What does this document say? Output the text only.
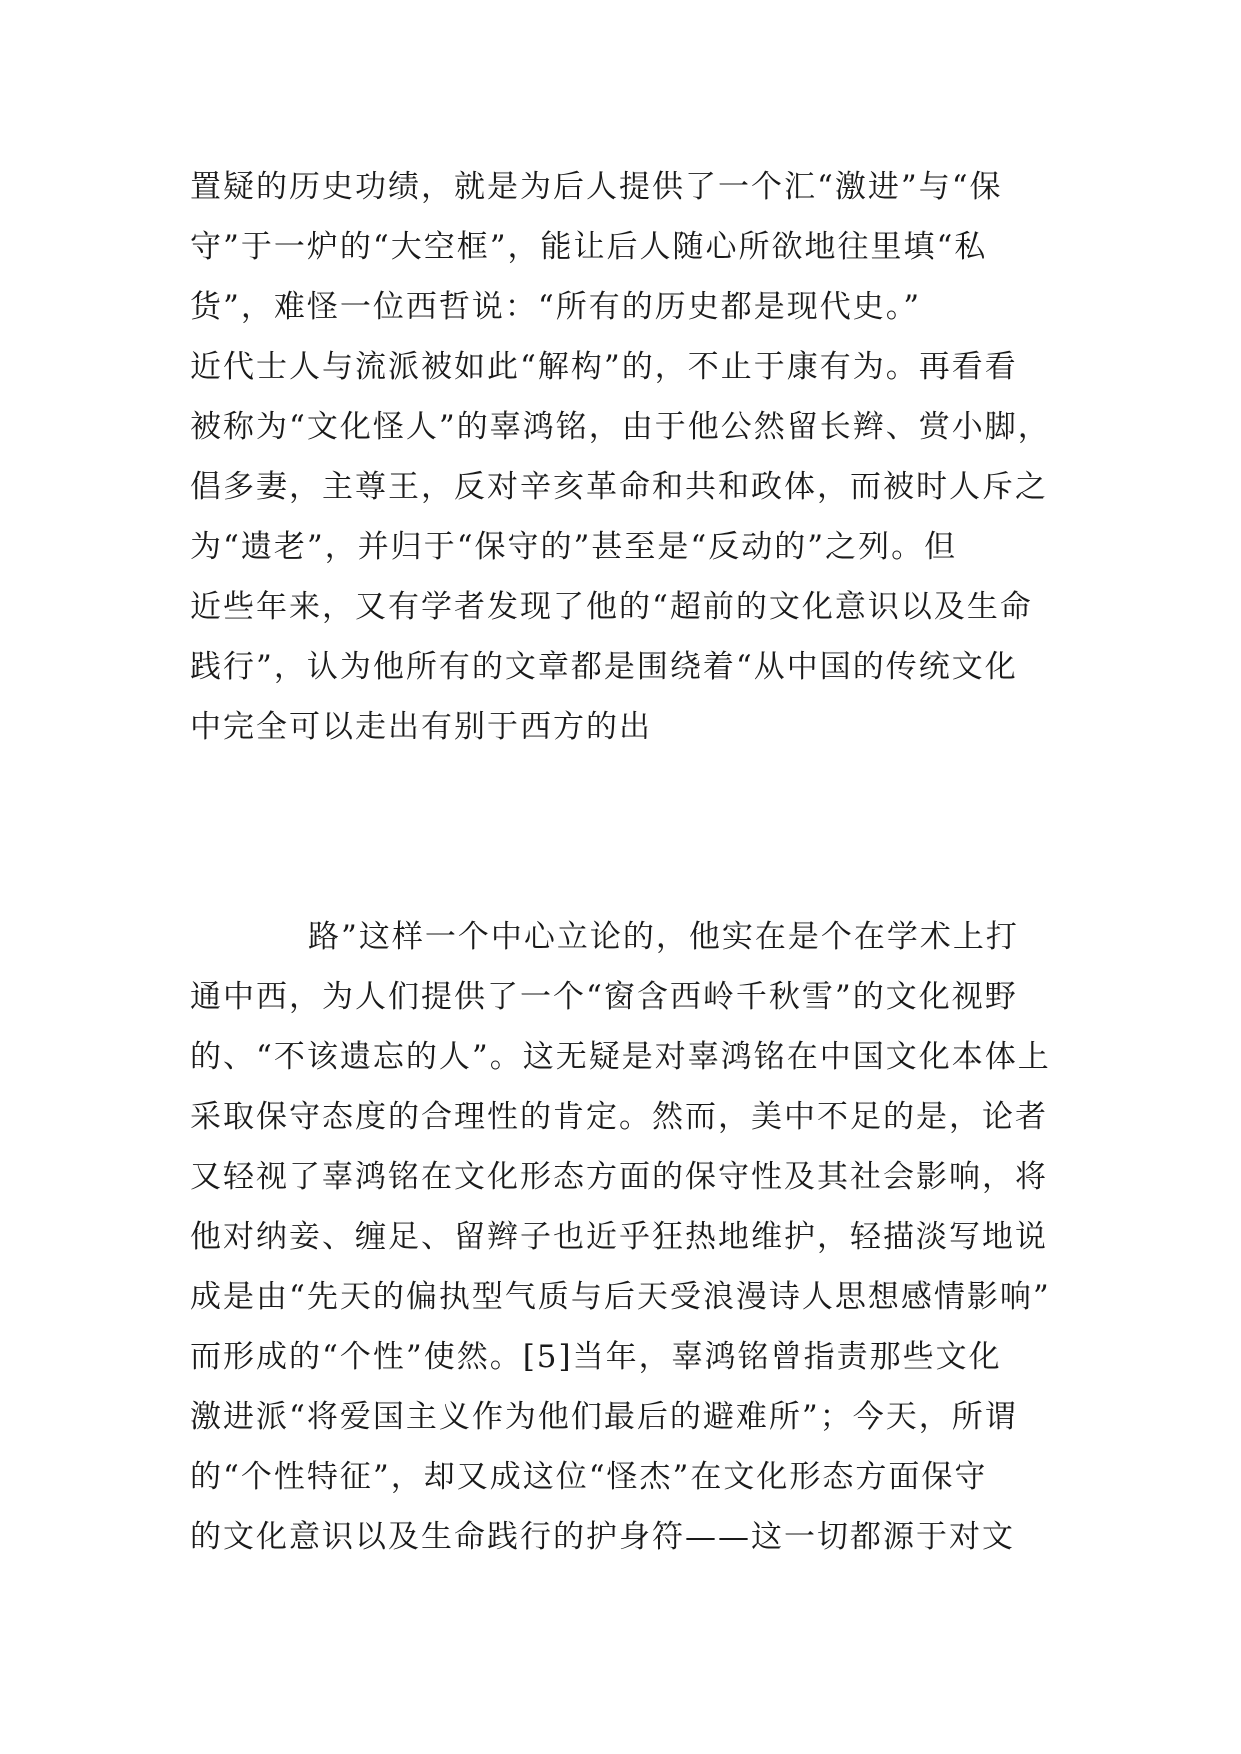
置疑的历史功绩，就是为后人提供了一个汇“激进”与“保
守”于一炉的“大空框”，能让后人随心所欲地往里填“私
货”，难怪一位西哲说：“所有的历史都是现代史。”
近代士人与流派被如此“解构”的，不止于康有为。再看看
被称为“文化怪人”的辜鸿铭，由于他公然留长辫、赏小脚，
倡多妻，主尊王，反对辛亥革命和共和政体，而被时人斥之
为“遗老”，并归于“保守的”甚至是“反动的”之列。但
近些年来，又有学者发现了他的“超前的文化意识以及生命
践行”，认为他所有的文章都是围绕着“从中国的传统文化
中完全可以走出有别于西方的出
路”这样一个中心立论的，他实在是个在学术上打
通中西，为人们提供了一个“窗含西岭千秋雪”的文化视野
的、“不该遗忘的人”。这无疑是对辜鸿铭在中国文化本体上
采取保守态度的合理性的肯定。然而，美中不足的是，论者
又轻视了辜鸿铭在文化形态方面的保守性及其社会影响，将
他对纳妾、缠足、留辫子也近乎狂热地维护，轻描淡写地说
成是由“先天的偏执型气质与后天受浪漫诗人思想感情影响”
而形成的“个性”使然。[5]当年，辜鸿铭曾指责那些文化
激进派“将爱国主义作为他们最后的避难所”；今天，所谓
的“个性特征”，却又成这位“怪杰”在文化形态方面保守
的文化意识以及生命践行的护身符——这一切都源于对文
